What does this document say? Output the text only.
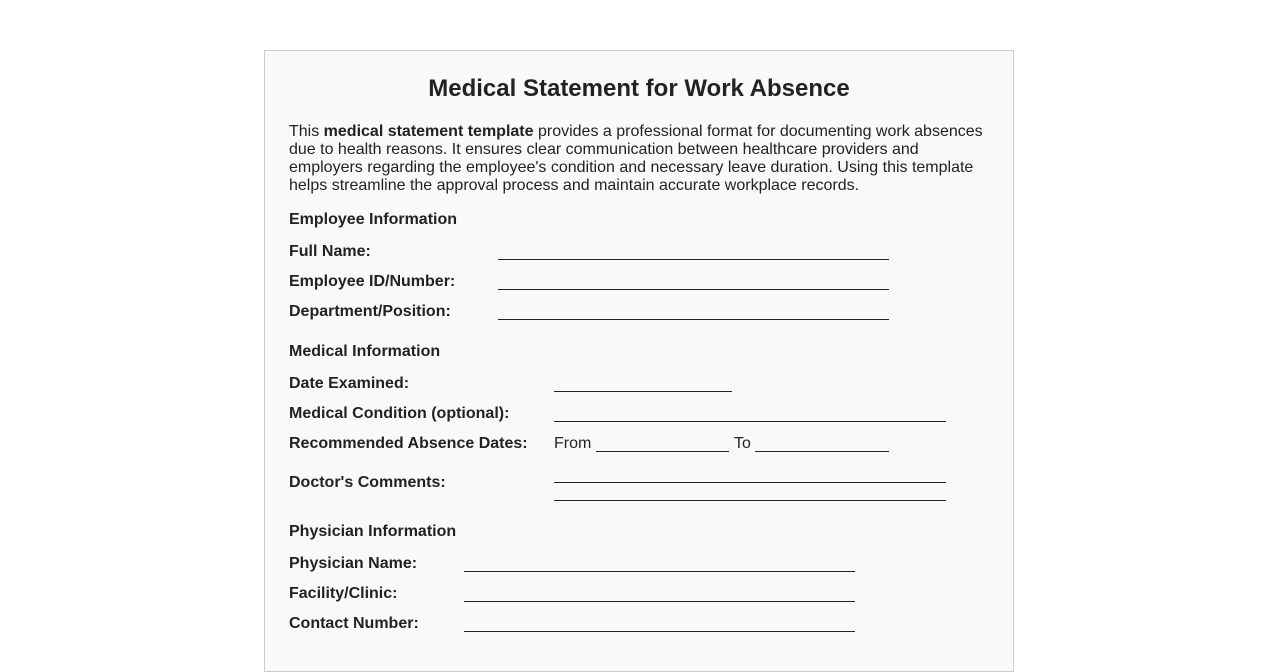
Medical Statement for Work Absence

This medical statement template provides a professional format for documenting work absences due to health reasons. It ensures clear communication between healthcare providers and employers regarding the employee's condition and necessary leave duration. Using this template helps streamline the approval process and maintain accurate workplace records.

Employee Information
Full Name:
Employee ID/Number:
Department/Position:
Medical Information
Date Examined:
Medical Condition (optional):
Recommended Absence Dates: From	To
Doctor's Comments:
Physician Information
Physician Name:
Facility/Clinic:
Contact Number:
